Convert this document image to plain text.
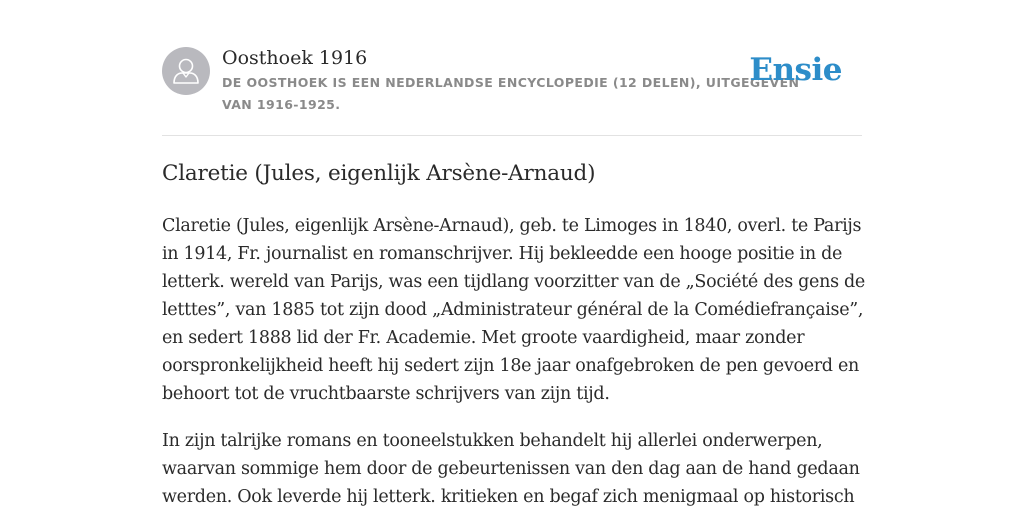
Oosthoek 1916
DE OOSTHOEK IS EEN NEDERLANDSE ENCYCLOPEDIE (12 DELEN), UITGEGEVEN
VAN 1916-1925.
Ensie
Claretie (Jules, eigenlijk Arsène-Arnaud)

Claretie (Jules, eigenlijk Arsène-Arnaud), geb. te Limoges in 1840, overl. te Parijs
in 1914, Fr. journalist en romanschrijver. Hij bekleedde een hooge positie in de
letterk. wereld van Parijs, was een tijdlang voorzitter van de „Société des gens de
letttes”, van 1885 tot zijn dood „Administrateur général de la Comédiefrançaise”,
en sedert 1888 lid der Fr. Academie. Met groote vaardigheid, maar zonder
oorspronkelijkheid heeft hij sedert zijn 18e jaar onafgebroken de pen gevoerd en
behoort tot de vruchtbaarste schrijvers van zijn tijd.

In zijn talrijke romans en tooneelstukken behandelt hij allerlei onderwerpen,
waarvan sommige hem door de gebeurtenissen van den dag aan de hand gedaan
werden. Ook leverde hij letterk. kritieken en begaf zich menigmaal op historisch
